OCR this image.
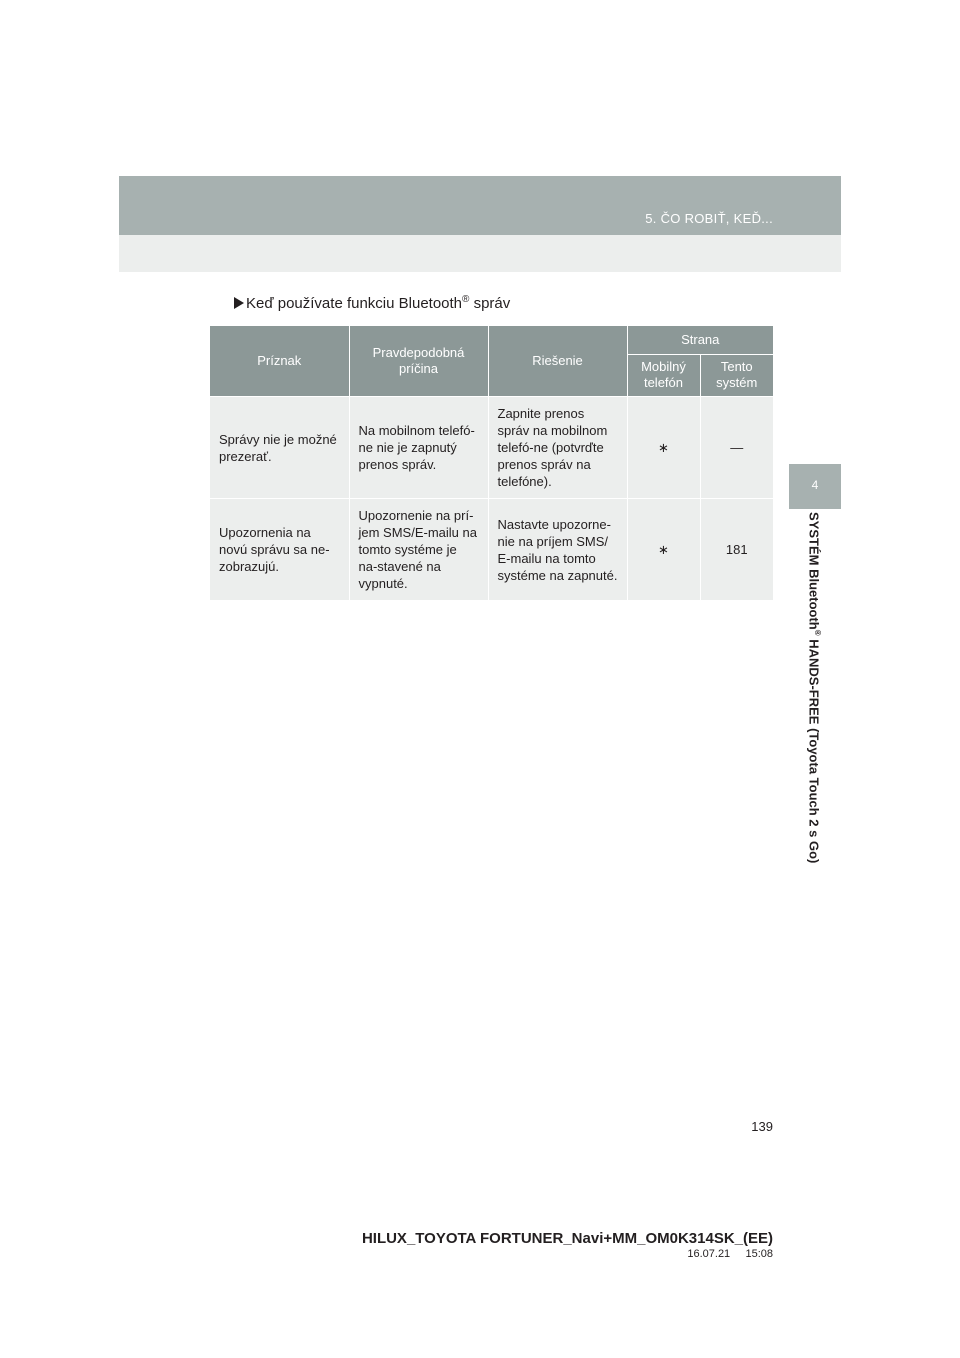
5. ČO ROBIŤ, KEĎ...
4
SYSTÉM Bluetooth® HANDS-FREE (Toyota Touch 2 s Go)
Keď používate funkciu Bluetooth® správ
Príznak	Pravdepodobná príčina	Riešenie	Strana	
			Mobilný telefón	Tento systém
Správy nie je možné prezerať.	Na mobilnom telefó-ne nie je zapnutý prenos správ.	Zapnite prenos správ na mobilnom telefó-ne (potvrďte prenos správ na telefóne).	∗	—
Upozornenia na novú správu sa ne-zobrazujú.	Upozornenie na prí-jem SMS/E-mailu na tomto systéme je na-stavené na vypnuté.	Nastavte upozorne-nie na príjem SMS/ E-mailu na tomto systéme na zapnuté.	∗	181
139
HILUX_TOYOTA FORTUNER_Navi+MM_OM0K314SK_(EE)
16.07.21     15:08
